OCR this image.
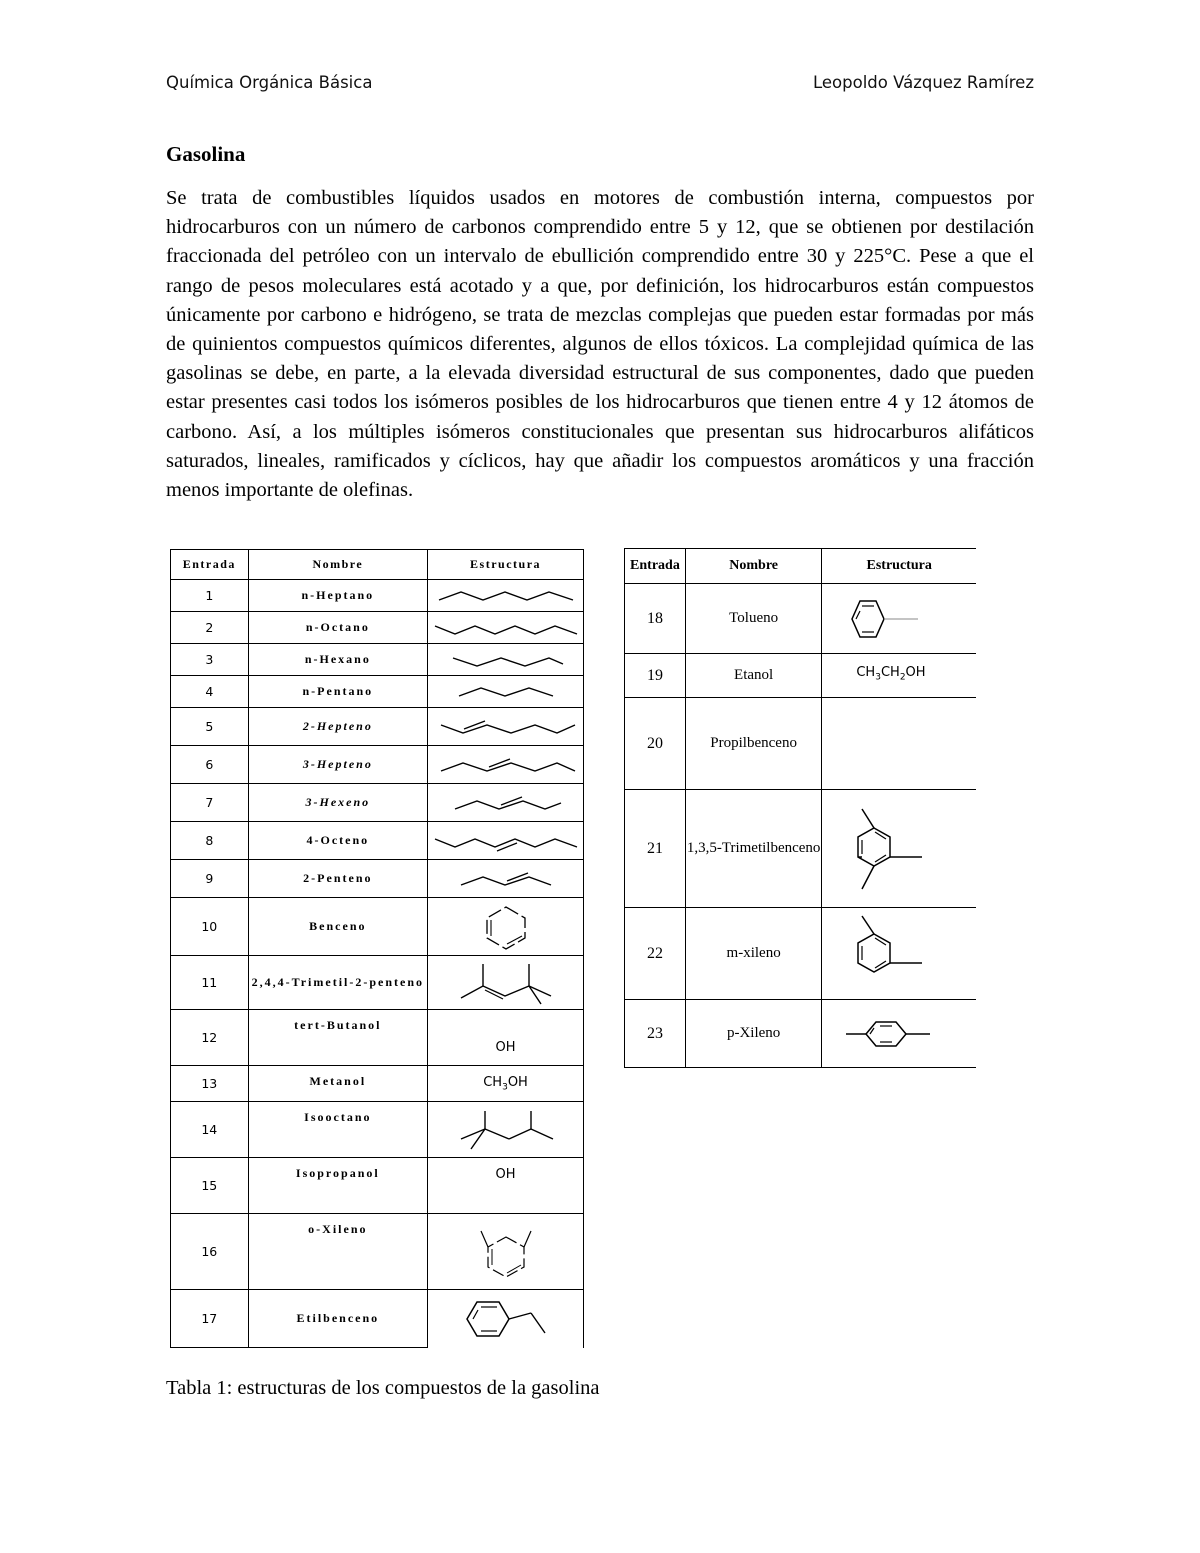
Química Orgánica Básica	Leopoldo Vázquez Ramírez
Gasolina
Se trata de combustibles líquidos usados en motores de combustión interna, compuestos por hidrocarburos con un número de carbonos comprendido entre 5 y 12, que se obtienen por destilación fraccionada del petróleo con un intervalo de ebullición comprendido entre 30 y 225°C. Pese a que el rango de pesos moleculares está acotado y a que, por definición, los hidrocarburos están compuestos únicamente por carbono e hidrógeno, se trata de mezclas complejas que pueden estar formadas por más de quinientos compuestos químicos diferentes, algunos de ellos tóxicos. La complejidad química de las gasolinas se debe, en parte, a la elevada diversidad estructural de sus componentes, dado que pueden estar presentes casi todos los isómeros posibles de los hidrocarburos que tienen entre 4 y 12 átomos de carbono. Así, a los múltiples isómeros constitucionales que presentan sus hidrocarburos alifáticos saturados, lineales, ramificados y cíclicos, hay que añadir los compuestos aromáticos y una fracción menos importante de olefinas.
Entrada	Nombre	Estructura
1	n-Heptano	

2	n-Octano	

3	n-Hexano	

4	n-Pentano	

5	2-Hepteno	

6	3-Hepteno	

7	3-Hexeno	

8	4-Octeno	

9	2-Penteno	

10	Benceno	

11	2,4,4-Trimetil-2-penteno	

12	tert-Butanol	OH
13	Metanol	$CH_3OH$
14	Isooctano	

15	Isopropanol	OH
16	o-Xileno	

17	Etilbenceno	
Entrada	Nombre	Estructura
18	Tolueno	

19	Etanol	$CH_3CH_2OH$
20	Propilbenceno	
21	1,3,5-Trimetilbenceno	

22	m-xileno	

23	p-Xileno	
Tabla 1: estructuras de los compuestos de la gasolina
